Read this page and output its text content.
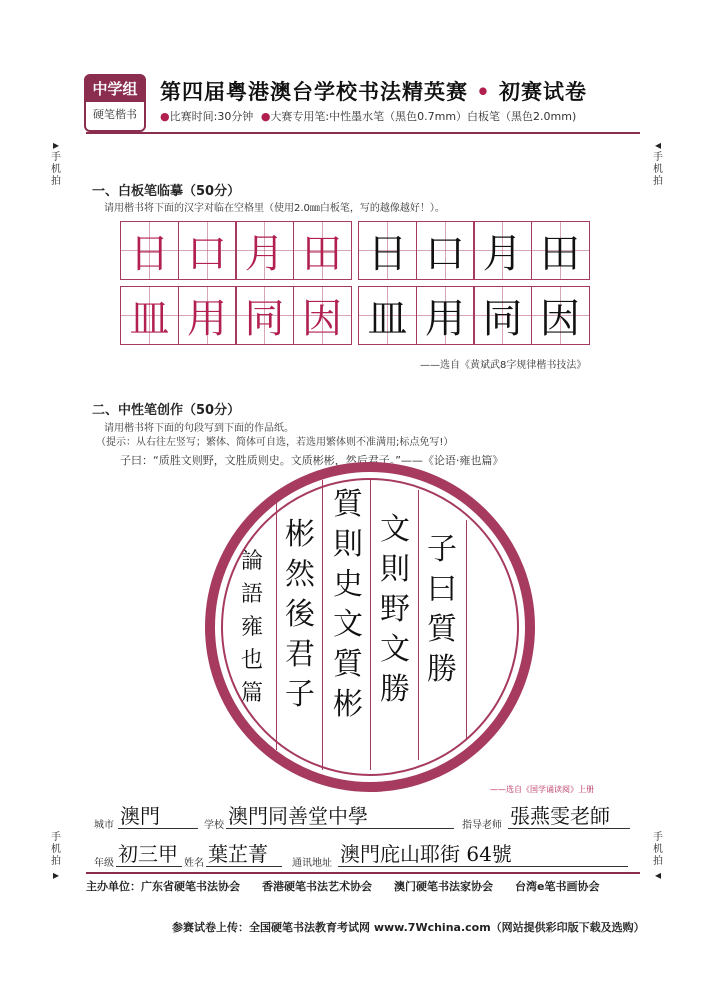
中学组
硬笔楷书
第四届粤港澳台学校书法精英赛 • 初赛试卷
●比赛时间:30分钟 ●大赛专用笔:中性墨水笔（黑色0.7mm）白板笔（黑色2.0mm)
▸
手机拍
◂
手机拍
手机拍
▸
手机拍
◂
一、白板笔临摹（50分）
请用楷书将下面的汉字对临在空格里（使用2.0㎜白板笔，写的越像越好！）。
日 口 月 田 日 口 月 田
皿 用 同 因 皿 用 同 因
——选自《黄斌武8字规律楷书技法》
二、中性笔创作（50分）
请用楷书将下面的句段写到下面的作品纸。
（提示：从右往左竖写；繁体、简体可自选，若选用繁体则不准满用;标点免写!）
子曰：“质胜文则野，文胜质则史。文质彬彬，然后君子。”——《论语·雍也篇》
子
曰
質
勝
文
則
野
文
勝
質
則
史
文
質
彬
彬
然
後
君
子
論
語
雍
也
篇
——选自《国学诵读阅》上册
城市 澳門	学校 澳門同善堂中學	指导老师 張燕雯老師
年级 初三甲 姓名 葉芷菁 通讯地址 澳門庇山耶街 64號
主办单位：广东省硬笔书法协会　　香港硬笔书法艺术协会　　澳门硬笔书法家协会　　台湾e笔书画协会
参赛试卷上传：全国硬笔书法教育考试网 www.7Wchina.com（网站提供彩印版下载及选购）
